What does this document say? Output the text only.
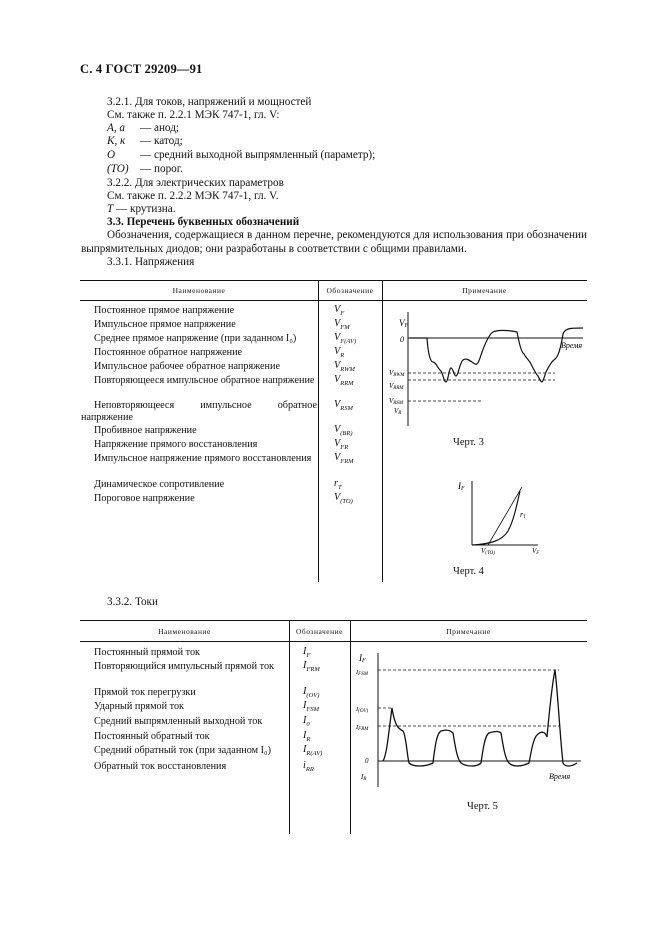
С. 4 ГОСТ 29209—91
3.2.1. Для токов, напряжений и мощностей
См. также п. 2.2.1 МЭК 747-1, гл. V:
A, a	— анод;
K, к	— катод;
O	— средний выходной выпрямленный (параметр);
(TO)	— порог.
3.2.2. Для электрических параметров
См. также п. 2.2.2 МЭК 747-1, гл. V.
T — крутизна.
3.3. Перечень буквенных обозначений
Обозначения, содержащиеся в данном перечне, рекомендуются для использования при обозначении выпрямительных диодов; они разработаны в соответствии с общими правилами.
3.3.1. Напряжения
Наименование	Обозначение	Примечание
Постоянное прямое напряжение	$V_F$
Импульсное прямое напряжение	$V_{FM}$
Среднее прямое напряжение (при заданном I₀)	$V_{F(AV)}$
Постоянное обратное напряжение	$V_R$
Импульсное рабочее обратное напряжение	$V_{RWM}$
Повторяющееся импульсное обратное напряжение $V_{RRM}$
Неповторяющееся импульсное обратное напряжение
$V_{RSM}$
Пробивное напряжение	$V_{(BR)}$
Напряжение прямого восстановления	$V_{FR}$
Импульсное напряжение прямого восстановления	$V_{FRM}$
Динамическое сопротивление	$r_T$
Пороговое напряжение	$V_{(TO)}$
VF
0
Время
VRWM
VRRM
VRSM
VR
Черт. 3
IF
rT
V(TO)	VF
Черт. 4
3.3.2. Токи
Наименование	Обозначение	Примечание
Постоянный прямой ток	$I_F$
Повторяющийся импульсный прямой ток	$I_{FRM}$
Прямой ток перегрузки	$I_{(OV)}$
Ударный прямой ток	$I_{FSM}$
Средний выпрямленный выходной ток	$I_0$
Постоянный обратный ток	$I_R$
Средний обратный ток (при заданном I₀)	$I_{R(AV)}$
Обратный ток восстановления	$i_{RR}$
IF
IFSM
I(OV)
IFRM
0
IR	Время
Черт. 5
